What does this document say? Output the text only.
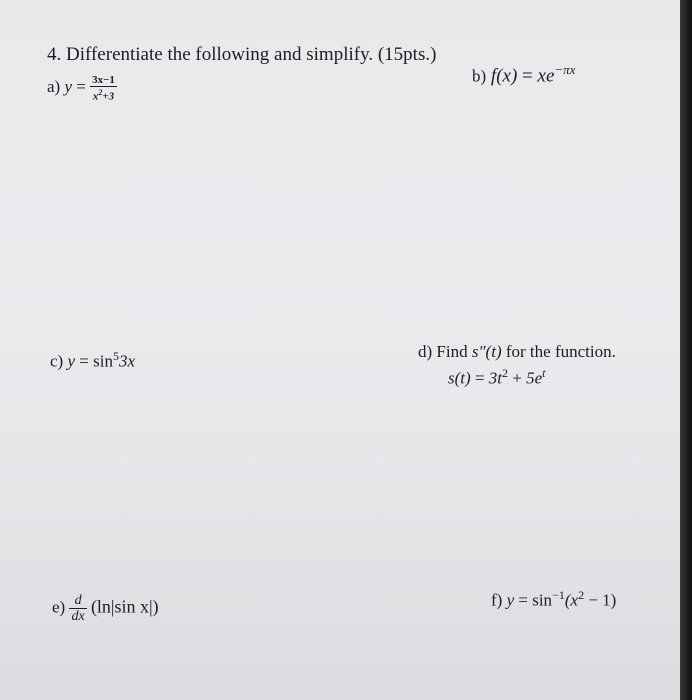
4. Differentiate the following and simplify. (15pts.)
a) $y = \frac{3x-1}{x^2+3}$	b) $f(x) = xe^{-\pi x}$
c) $y = \sin^53x$
d) Find s″(t) for the function.
$s(t) = 3t^2 + 5e^t$
$e) \frac{d}{dx} (\ln|\sin$ x|)	f) $y = \sin^{-1}(x^2 - 1)$
